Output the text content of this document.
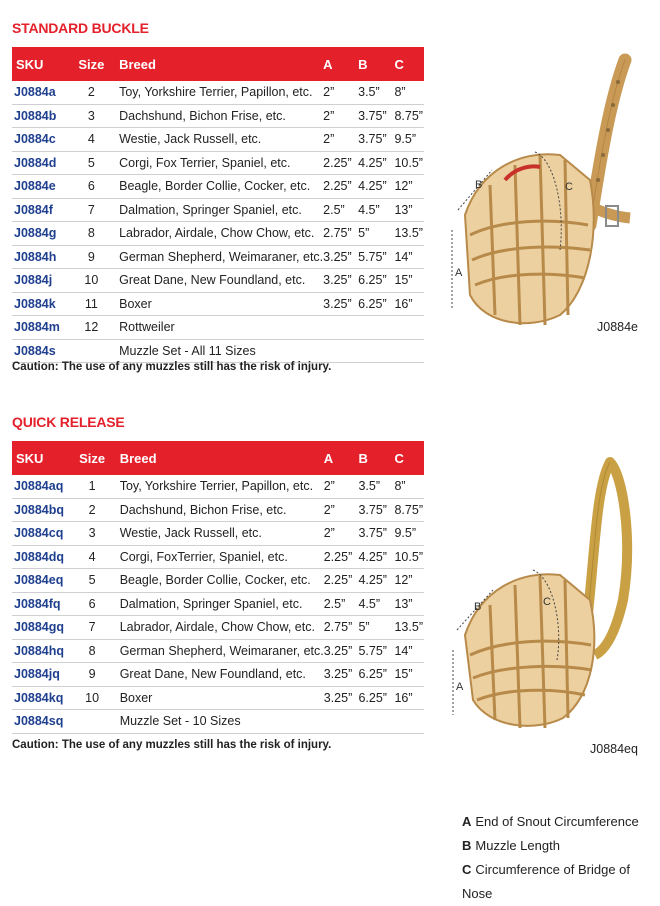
STANDARD BUCKLE
SKU	Size	Breed	A	B	C
J0884a	2	Toy, Yorkshire Terrier, Papillon, etc.	2”	3.5”	8”
J0884b	3	Dachshund, Bichon Frise, etc.	2”	3.75”	8.75”
J0884c	4	Westie, Jack Russell, etc.	2”	3.75”	9.5”
J0884d	5	Corgi, Fox Terrier, Spaniel, etc.	2.25”	4.25”	10.5”
J0884e	6	Beagle, Border Collie, Cocker, etc.	2.25”	4.25”	12”
J0884f	7	Dalmation, Springer Spaniel, etc.	2.5”	4.5”	13”
J0884g	8	Labrador, Airdale, Chow Chow, etc.	2.75”	5”	13.5”
J0884h	9	German Shepherd, Weimaraner, etc.	3.25”	5.75”	14”
J0884j	10	Great Dane, New Foundland, etc.	3.25”	6.25”	15”
J0884k	11	Boxer	3.25”	6.25”	16”
J0884m	12	Rottweiler			
J0884s		Muzzle Set - All 11 Sizes			
Caution: The use of any muzzles still has the risk of injury.
B
A
C
J0884e
QUICK RELEASE
SKU	Size	Breed	A	B	C
J0884aq	1	Toy, Yorkshire Terrier, Papillon, etc.	2”	3.5”	8”
J0884bq	2	Dachshund, Bichon Frise, etc.	2”	3.75”	8.75”
J0884cq	3	Westie, Jack Russell, etc.	2”	3.75”	9.5”
J0884dq	4	Corgi, FoxTerrier, Spaniel, etc.	2.25”	4.25”	10.5”
J0884eq	5	Beagle, Border Collie, Cocker, etc.	2.25”	4.25”	12”
J0884fq	6	Dalmation, Springer Spaniel, etc.	2.5”	4.5”	13”
J0884gq	7	Labrador, Airdale, Chow Chow, etc.	2.75”	5”	13.5”
J0884hq	8	German Shepherd, Weimaraner, etc.	3.25”	5.75”	14”
J0884jq	9	Great Dane, New Foundland, etc.	3.25”	6.25”	15”
J0884kq	10	Boxer	3.25”	6.25”	16”
J0884sq		Muzzle Set - 10 Sizes			
Caution: The use of any muzzles still has the risk of injury.
B
A
C
J0884eq
A End of Snout Circumference
B Muzzle Length
C Circumference of Bridge of Nose
